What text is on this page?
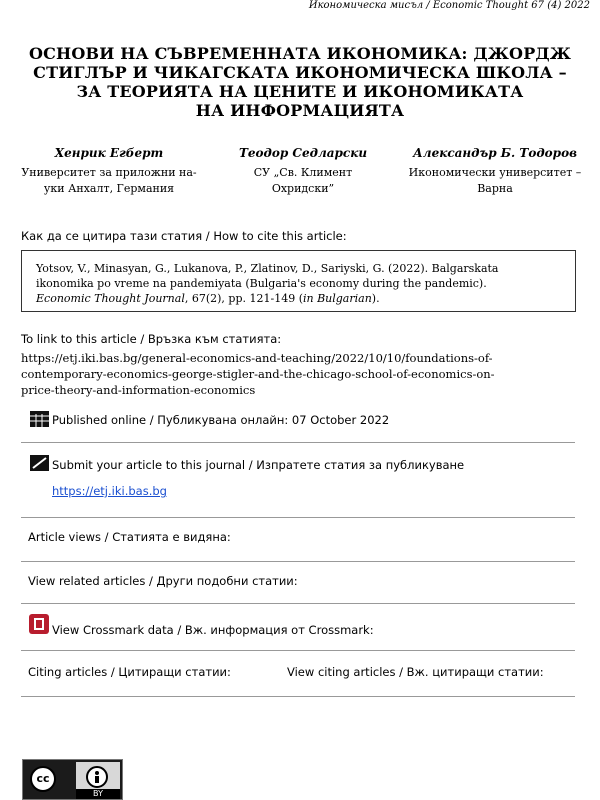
Икономическа мисъл / Economic Thought 67 (4) 2022
ОСНОВИ НА СЪВРЕМЕННАТА ИКОНОМИКА: ДЖОРДЖ
СТИГЛЪР И ЧИКАГСКАТА ИКОНОМИЧЕСКА ШКОЛА –
ЗА ТЕОРИЯТА НА ЦЕНИТЕ И ИКОНОМИКАТА
НА ИНФОРМАЦИЯТА
Хенрик Егберт
Университет за приложни на-
уки Анхалт, Германия
Теодор Седларски
СУ „Св. Климент
Охридски”
Александър Б. Тодоров
Икономически университет –
Варна
Как да се цитира тази статия / How to cite this article:
Yotsov, V., Minasyan, G., Lukanova, P., Zlatinov, D., Sariyski, G. (2022). Balgarskata
ikonomika po vreme na pandemiyata (Bulgaria's economy during the pandemic).
Economic Thought Journal, 67(2), pp. 121-149 (in Bulgarian).
To link to this article / Връзка към статията:
https://etj.iki.bas.bg/general-economics-and-teaching/2022/10/10/foundations-of-
contemporary-economics-george-stigler-and-the-chicago-school-of-economics-on-
price-theory-and-information-economics
Published online / Публикувана онлайн: 07 October 2022
Submit your article to this journal / Изпратете статия за публикуване
https://etj.iki.bas.bg
Article views / Статията е видяна:
View related articles / Други подобни статии:
View Crossmark data / Вж. информация от Crossmark:
Citing articles / Цитиращи статии:	View citing articles / Вж. цитиращи статии:
cc
BY
